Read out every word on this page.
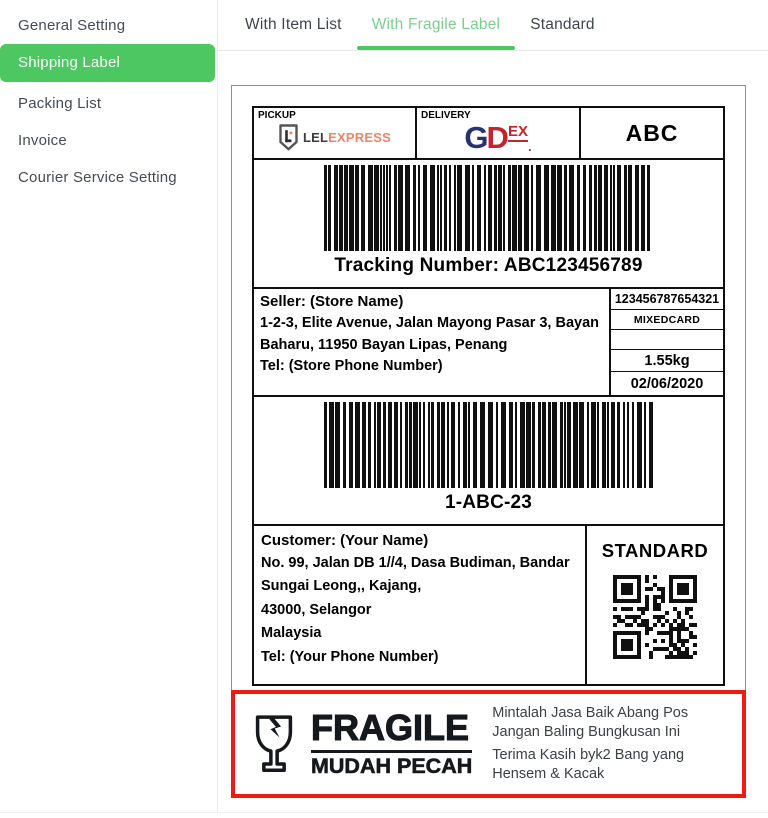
General Setting
Shipping Label
Packing List
Invoice
Courier Service Setting
With Item List	With Fragile Label	Standard
PICKUP
LELEXPRESS
DELIVERY
G D EX
.
ABC
Tracking Number: ABC123456789
Seller: (Store Name)
1-2-3, Elite Avenue, Jalan Mayong Pasar 3, Bayan Baharu, 11950 Bayan Lipas, Penang
Tel: (Store Phone Number)
123456787654321
MIXEDCARD
1.55kg
02/06/2020
1-ABC-23
Customer: (Your Name)
No. 99, Jalan DB 1//4, Dasa Budiman, Bandar
Sungai Leong,, Kajang,
43000, Selangor
Malaysia
Tel: (Your Phone Number)
STANDARD
FRAGILE
MUDAH PECAH

Mintalah Jasa Baik Abang Pos Jangan Baling Bungkusan Ini

Terima Kasih byk2 Bang yang Hensem & Kacak
